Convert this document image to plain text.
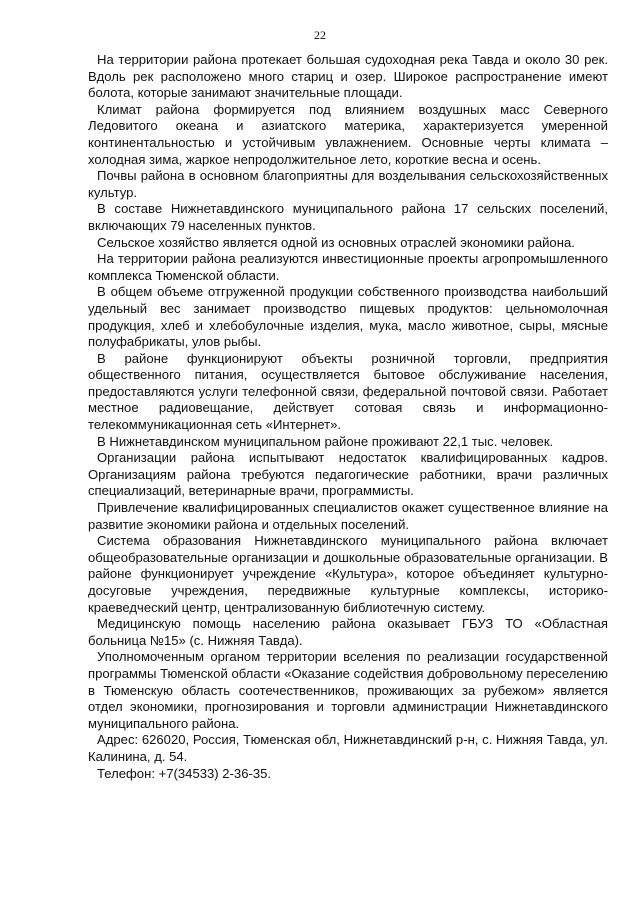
22

На территории района протекает большая судоходная река Тавда и около 30 рек. Вдоль рек расположено много стариц и озер. Широкое распространение имеют болота, которые занимают значительные площади.

Климат района формируется под влиянием воздушных масс Северного Ледовитого океана и азиатского материка, характеризуется умеренной континентальностью и устойчивым увлажнением. Основные черты климата – холодная зима, жаркое непродолжительное лето, короткие весна и осень.

Почвы района в основном благоприятны для возделывания сельскохозяйственных культур.

В составе Нижнетавдинского муниципального района 17 сельских поселений, включающих 79 населенных пунктов.

Сельское хозяйство является одной из основных отраслей экономики района.

На территории района реализуются инвестиционные проекты агропромышленного комплекса Тюменской области.

В общем объеме отгруженной продукции собственного производства наибольший удельный вес занимает производство пищевых продуктов: цельномолочная продукция, хлеб и хлебобулочные изделия, мука, масло животное, сыры, мясные полуфабрикаты, улов рыбы.

В районе функционируют объекты розничной торговли, предприятия общественного питания, осуществляется бытовое обслуживание населения, предоставляются услуги телефонной связи, федеральной почтовой связи. Работает местное радиовещание, действует сотовая связь и информационно-телекоммуникационная сеть «Интернет».

В Нижнетавдинском муниципальном районе проживают 22,1 тыс. человек.

Организации района испытывают недостаток квалифицированных кадров. Организациям района требуются педагогические работники, врачи различных специализаций, ветеринарные врачи, программисты.

Привлечение квалифицированных специалистов окажет существенное влияние на развитие экономики района и отдельных поселений.

Система образования Нижнетавдинского муниципального района включает общеобразовательные организации и дошкольные образовательные организации. В районе функционирует учреждение «Культура», которое объединяет культурно-досуговые учреждения, передвижные культурные комплексы, историко-краеведческий центр, централизованную библиотечную систему.

Медицинскую помощь населению района оказывает ГБУЗ ТО «Областная больница №15» (с. Нижняя Тавда).

Уполномоченным органом территории вселения по реализации государственной программы Тюменской области «Оказание содействия добровольному переселению в Тюменскую область соотечественников, проживающих за рубежом» является отдел экономики, прогнозирования и торговли администрации Нижнетавдинского муниципального района.

Адрес: 626020, Россия, Тюменская обл, Нижнетавдинский р-н, с. Нижняя Тавда, ул. Калинина, д. 54.

Телефон: +7(34533) 2-36-35.
